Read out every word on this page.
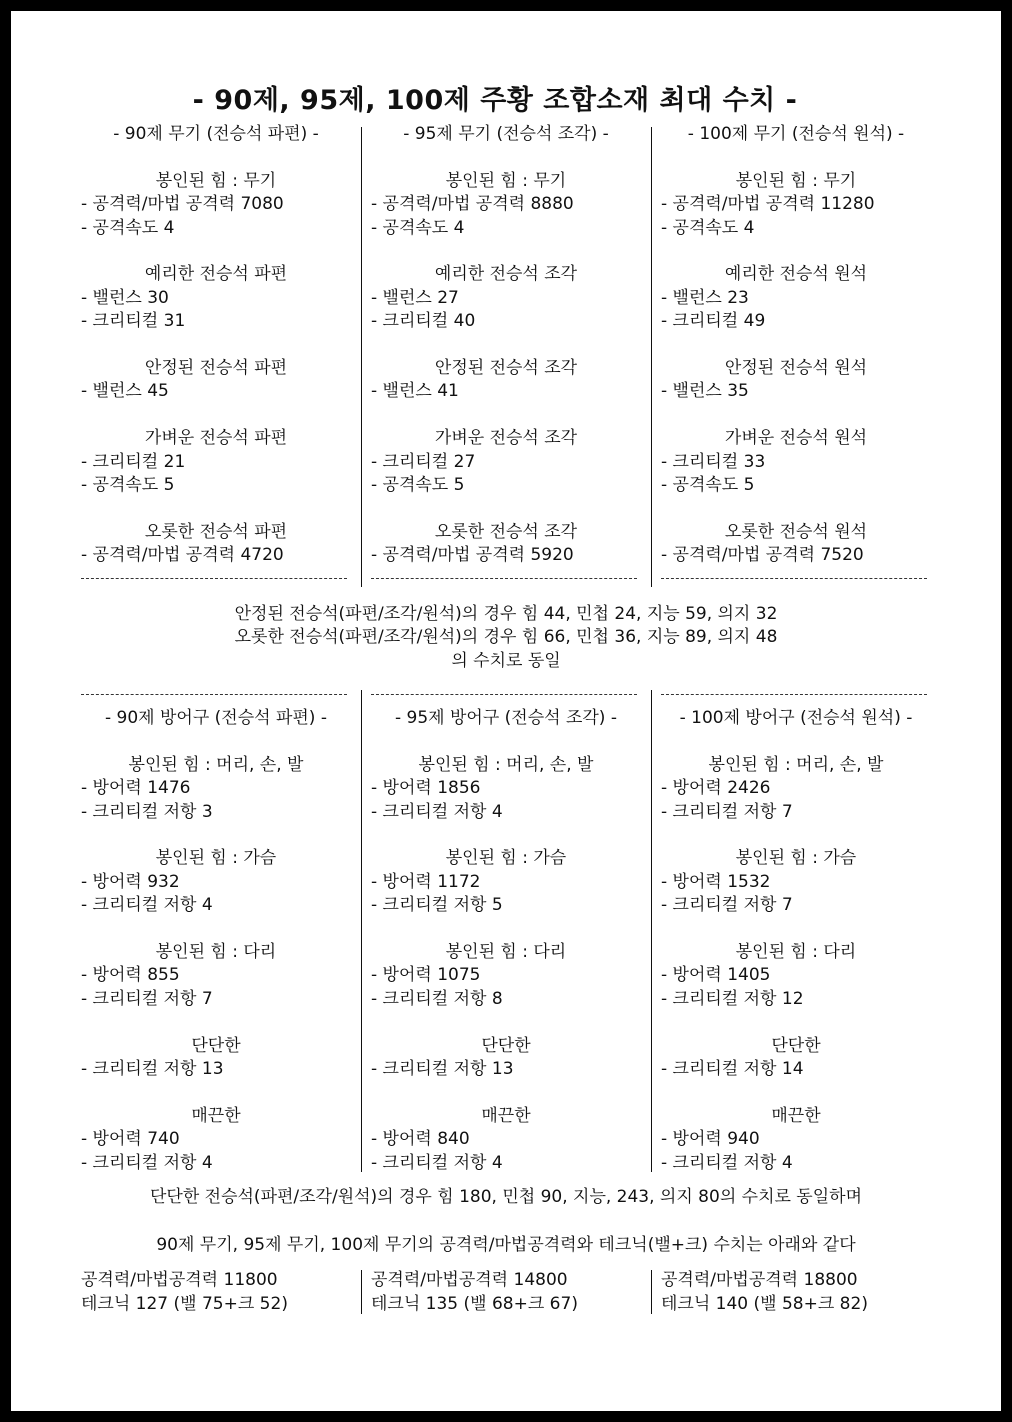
- 90제, 95제, 100제 주황 조합소재 최대 수치 -
- 90제 무기 (전승석 파편) -
봉인된 힘 : 무기
- 공격력/마법 공격력 7080
- 공격속도 4
예리한 전승석 파편
- 밸런스 30
- 크리티컬 31
안정된 전승석 파편
- 밸런스 45
가벼운 전승석 파편
- 크리티컬 21
- 공격속도 5
오롯한 전승석 파편
- 공격력/마법 공격력 4720
- 95제 무기 (전승석 조각) -
봉인된 힘 : 무기
- 공격력/마법 공격력 8880
- 공격속도 4
예리한 전승석 조각
- 밸런스 27
- 크리티컬 40
안정된 전승석 조각
- 밸런스 41
가벼운 전승석 조각
- 크리티컬 27
- 공격속도 5
오롯한 전승석 조각
- 공격력/마법 공격력 5920
- 100제 무기 (전승석 원석) -
봉인된 힘 : 무기
- 공격력/마법 공격력 11280
- 공격속도 4
예리한 전승석 원석
- 밸런스 23
- 크리티컬 49
안정된 전승석 원석
- 밸런스 35
가벼운 전승석 원석
- 크리티컬 33
- 공격속도 5
오롯한 전승석 원석
- 공격력/마법 공격력 7520
안정된 전승석(파편/조각/원석)의 경우 힘 44, 민첩 24, 지능 59, 의지 32
오롯한 전승석(파편/조각/원석)의 경우 힘 66, 민첩 36, 지능 89, 의지 48
의 수치로 동일
- 90제 방어구 (전승석 파편) -
봉인된 힘 : 머리, 손, 발
- 방어력 1476
- 크리티컬 저항 3
봉인된 힘 : 가슴
- 방어력 932
- 크리티컬 저항 4
봉인된 힘 : 다리
- 방어력 855
- 크리티컬 저항 7
단단한
- 크리티컬 저항 13
매끈한
- 방어력 740
- 크리티컬 저항 4
- 95제 방어구 (전승석 조각) -
봉인된 힘 : 머리, 손, 발
- 방어력 1856
- 크리티컬 저항 4
봉인된 힘 : 가슴
- 방어력 1172
- 크리티컬 저항 5
봉인된 힘 : 다리
- 방어력 1075
- 크리티컬 저항 8
단단한
- 크리티컬 저항 13
매끈한
- 방어력 840
- 크리티컬 저항 4
- 100제 방어구 (전승석 원석) -
봉인된 힘 : 머리, 손, 발
- 방어력 2426
- 크리티컬 저항 7
봉인된 힘 : 가슴
- 방어력 1532
- 크리티컬 저항 7
봉인된 힘 : 다리
- 방어력 1405
- 크리티컬 저항 12
단단한
- 크리티컬 저항 14
매끈한
- 방어력 940
- 크리티컬 저항 4
단단한 전승석(파편/조각/원석)의 경우 힘 180, 민첩 90, 지능, 243, 의지 80의 수치로 동일하며
90제 무기, 95제 무기, 100제 무기의 공격력/마법공격력와 테크닉(밸+크) 수치는 아래와 같다
공격력/마법공격력 11800
테크닉 127 (밸 75+크 52)
공격력/마법공격력 14800
테크닉 135 (밸 68+크 67)
공격력/마법공격력 18800
테크닉 140 (밸 58+크 82)
